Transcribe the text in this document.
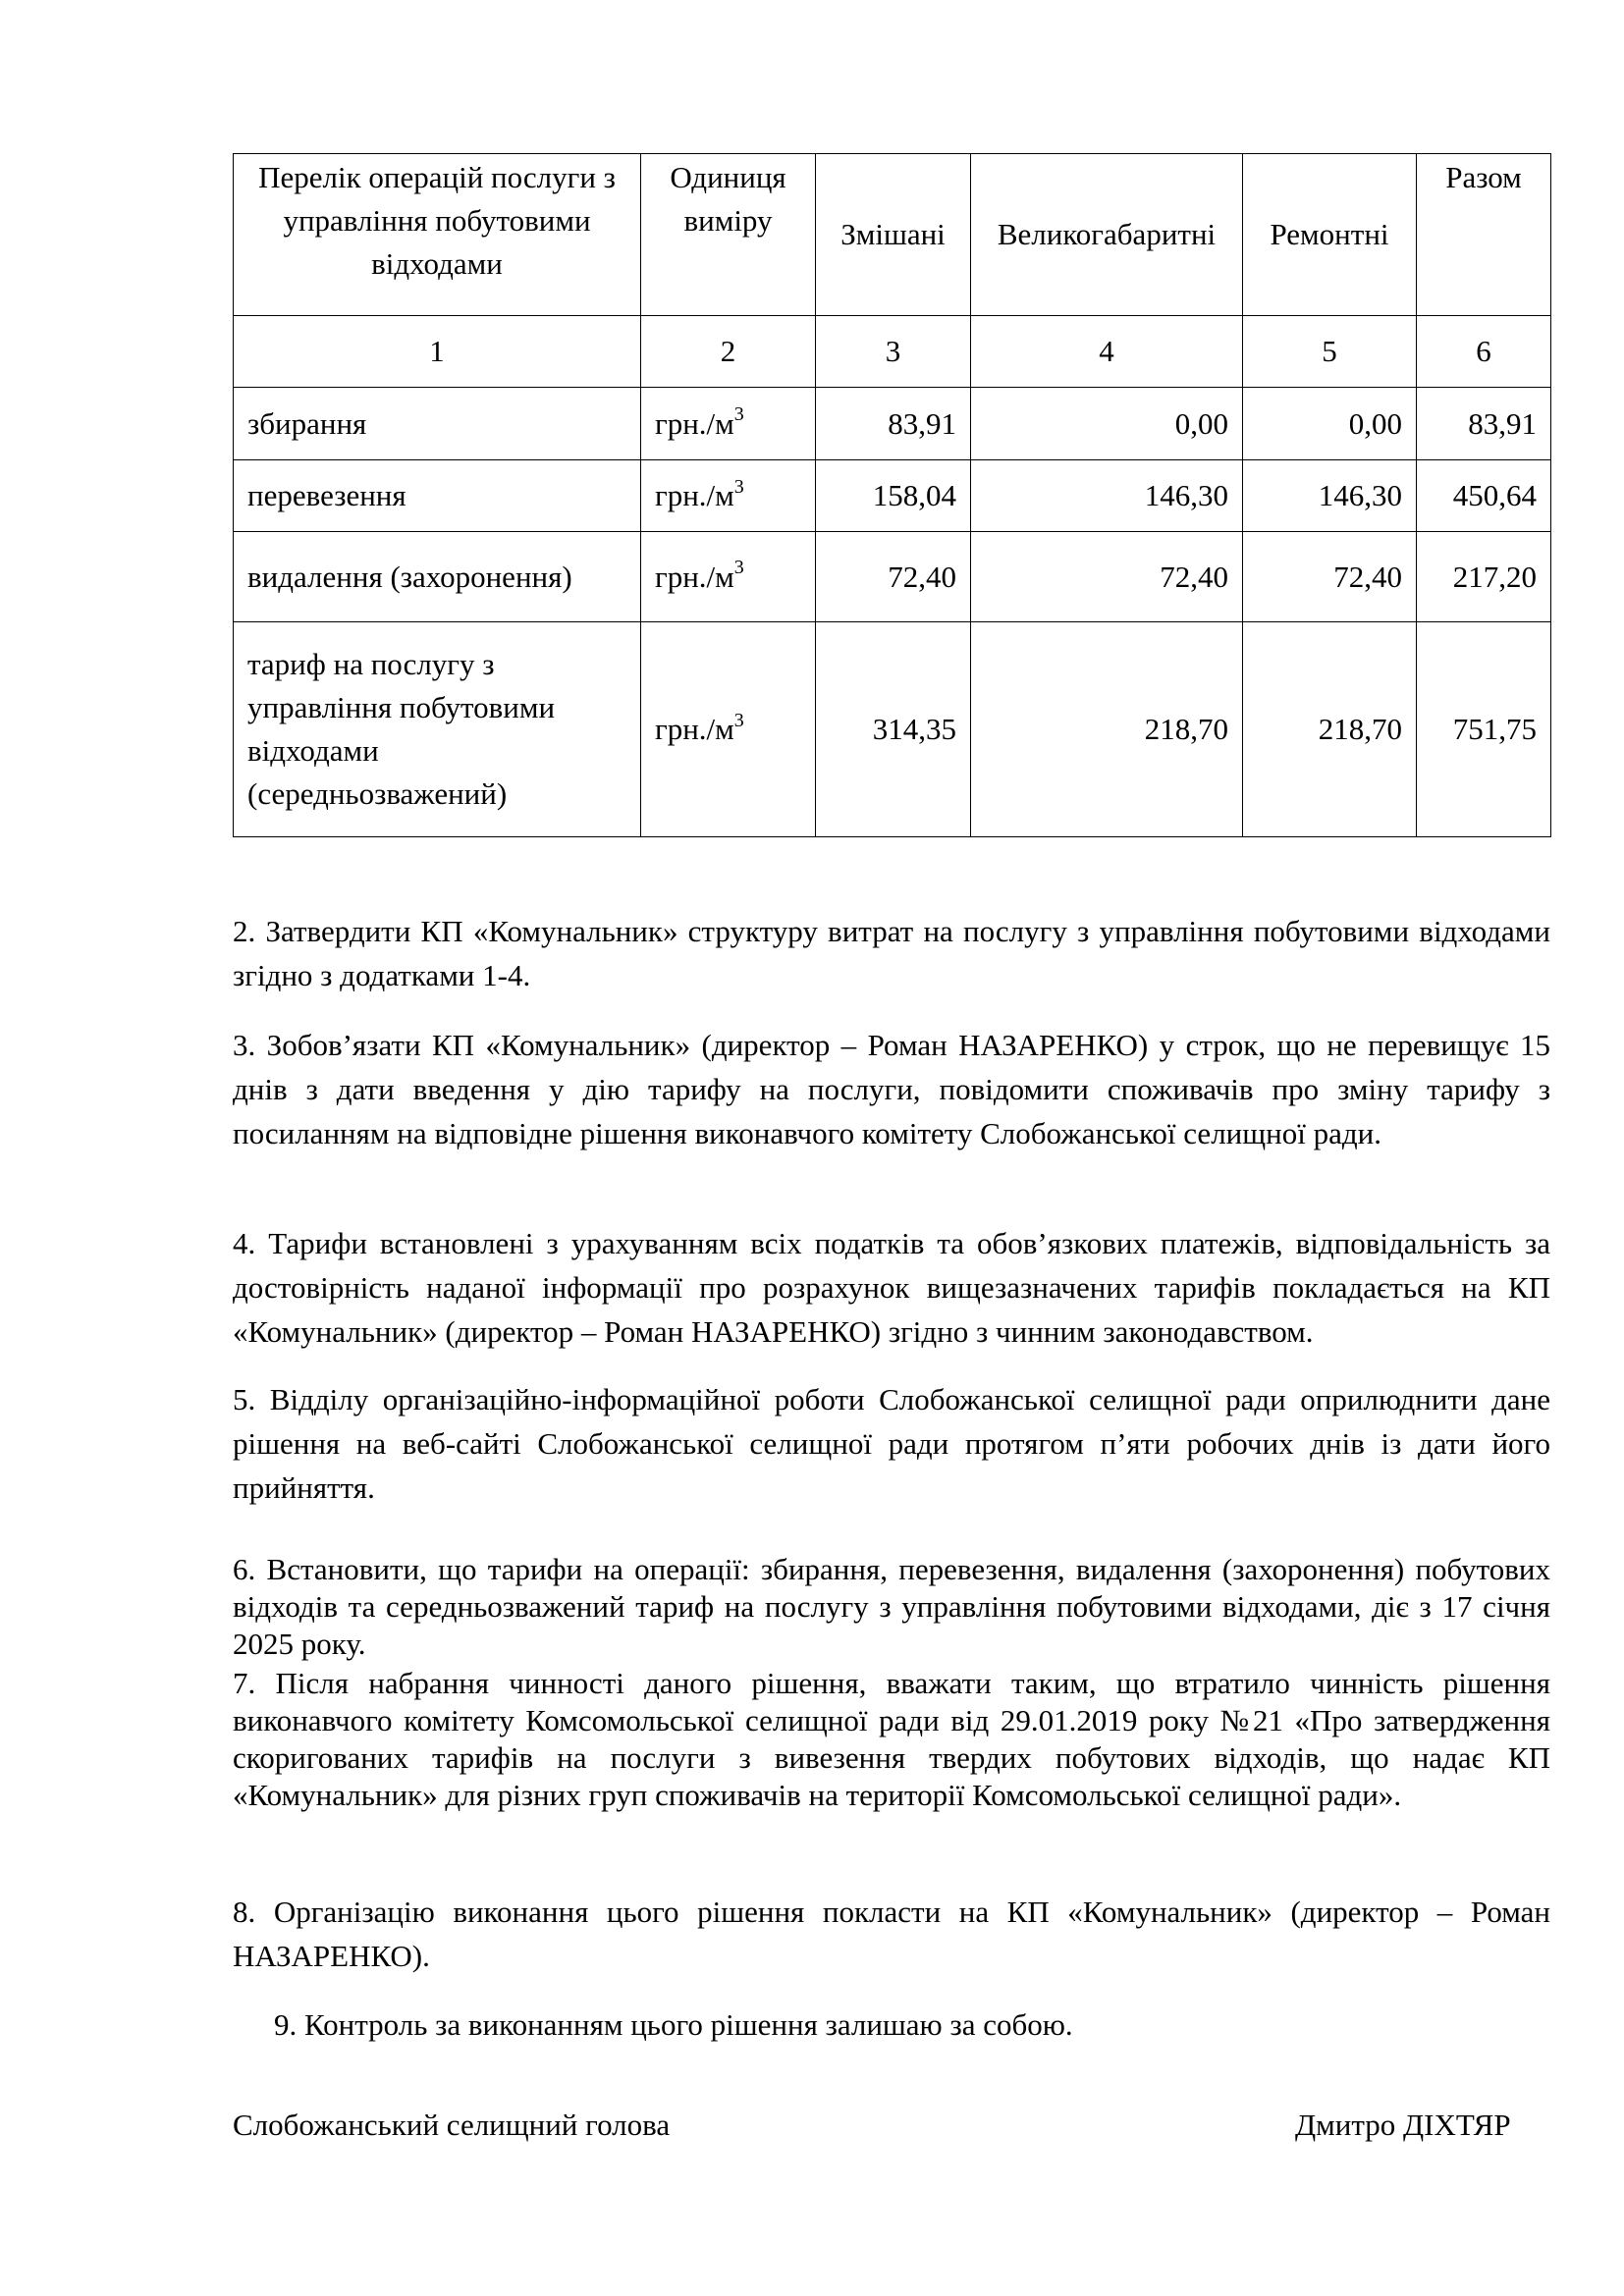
Перелік операцій послуги з управління побутовими відходами	Одиниця виміру	Змішані	Великогабаритні	Ремонтні	Разом
1	2	3	4	5	6
збирання	$грн./м^3$	83,91	0,00	0,00	83,91
перевезення	$грн./м^3$	158,04	146,30	146,30	450,64
видалення (захоронення)	$грн./м^3$	72,40	72,40	72,40	217,20
тариф на послугу з управління побутовими відходами (середньозважений)	$грн./м^3$	314,35	218,70	218,70	751,75

2. Затвердити КП «Комунальник» структуру витрат на послугу з управління побутовими відходами згідно з додатками 1-4.

3. Зобов’язати КП «Комунальник» (директор – Роман НАЗАРЕНКО) у строк, що не перевищує 15 днів з дати введення у дію тарифу на послуги, повідомити споживачів про зміну тарифу з посиланням на відповідне рішення виконавчого комітету Слобожанської селищної ради.

4. Тарифи встановлені з урахуванням всіх податків та обов’язкових платежів, відповідальність за достовірність наданої інформації про розрахунок вищезазначених тарифів покладається на КП «Комунальник» (директор – Роман НАЗАРЕНКО) згідно з чинним законодавством.

5. Відділу організаційно-інформаційної роботи Слобожанської селищної ради оприлюднити дане рішення на веб-сайті Слобожанської селищної ради протягом п’яти робочих днів із дати його прийняття.

6. Встановити, що тарифи на операції: збирання, перевезення, видалення (захоронення) побутових відходів та середньозважений тариф на послугу з управління побутовими відходами, діє з 17 січня 2025 року.

7. Після набрання чинності даного рішення, вважати таким, що втратило чинність рішення виконавчого комітету Комсомольської селищної ради від 29.01.2019 року №21 «Про затвердження скоригованих тарифів на послуги з вивезення твердих побутових відходів, що надає КП «Комунальник» для різних груп споживачів на території Комсомольської селищної ради».

8. Організацію виконання цього рішення покласти на КП «Комунальник» (директор – Роман НАЗАРЕНКО).

9. Контроль за виконанням цього рішення залишаю за собою.

Слобожанський селищний голова	Дмитро ДІХТЯР
